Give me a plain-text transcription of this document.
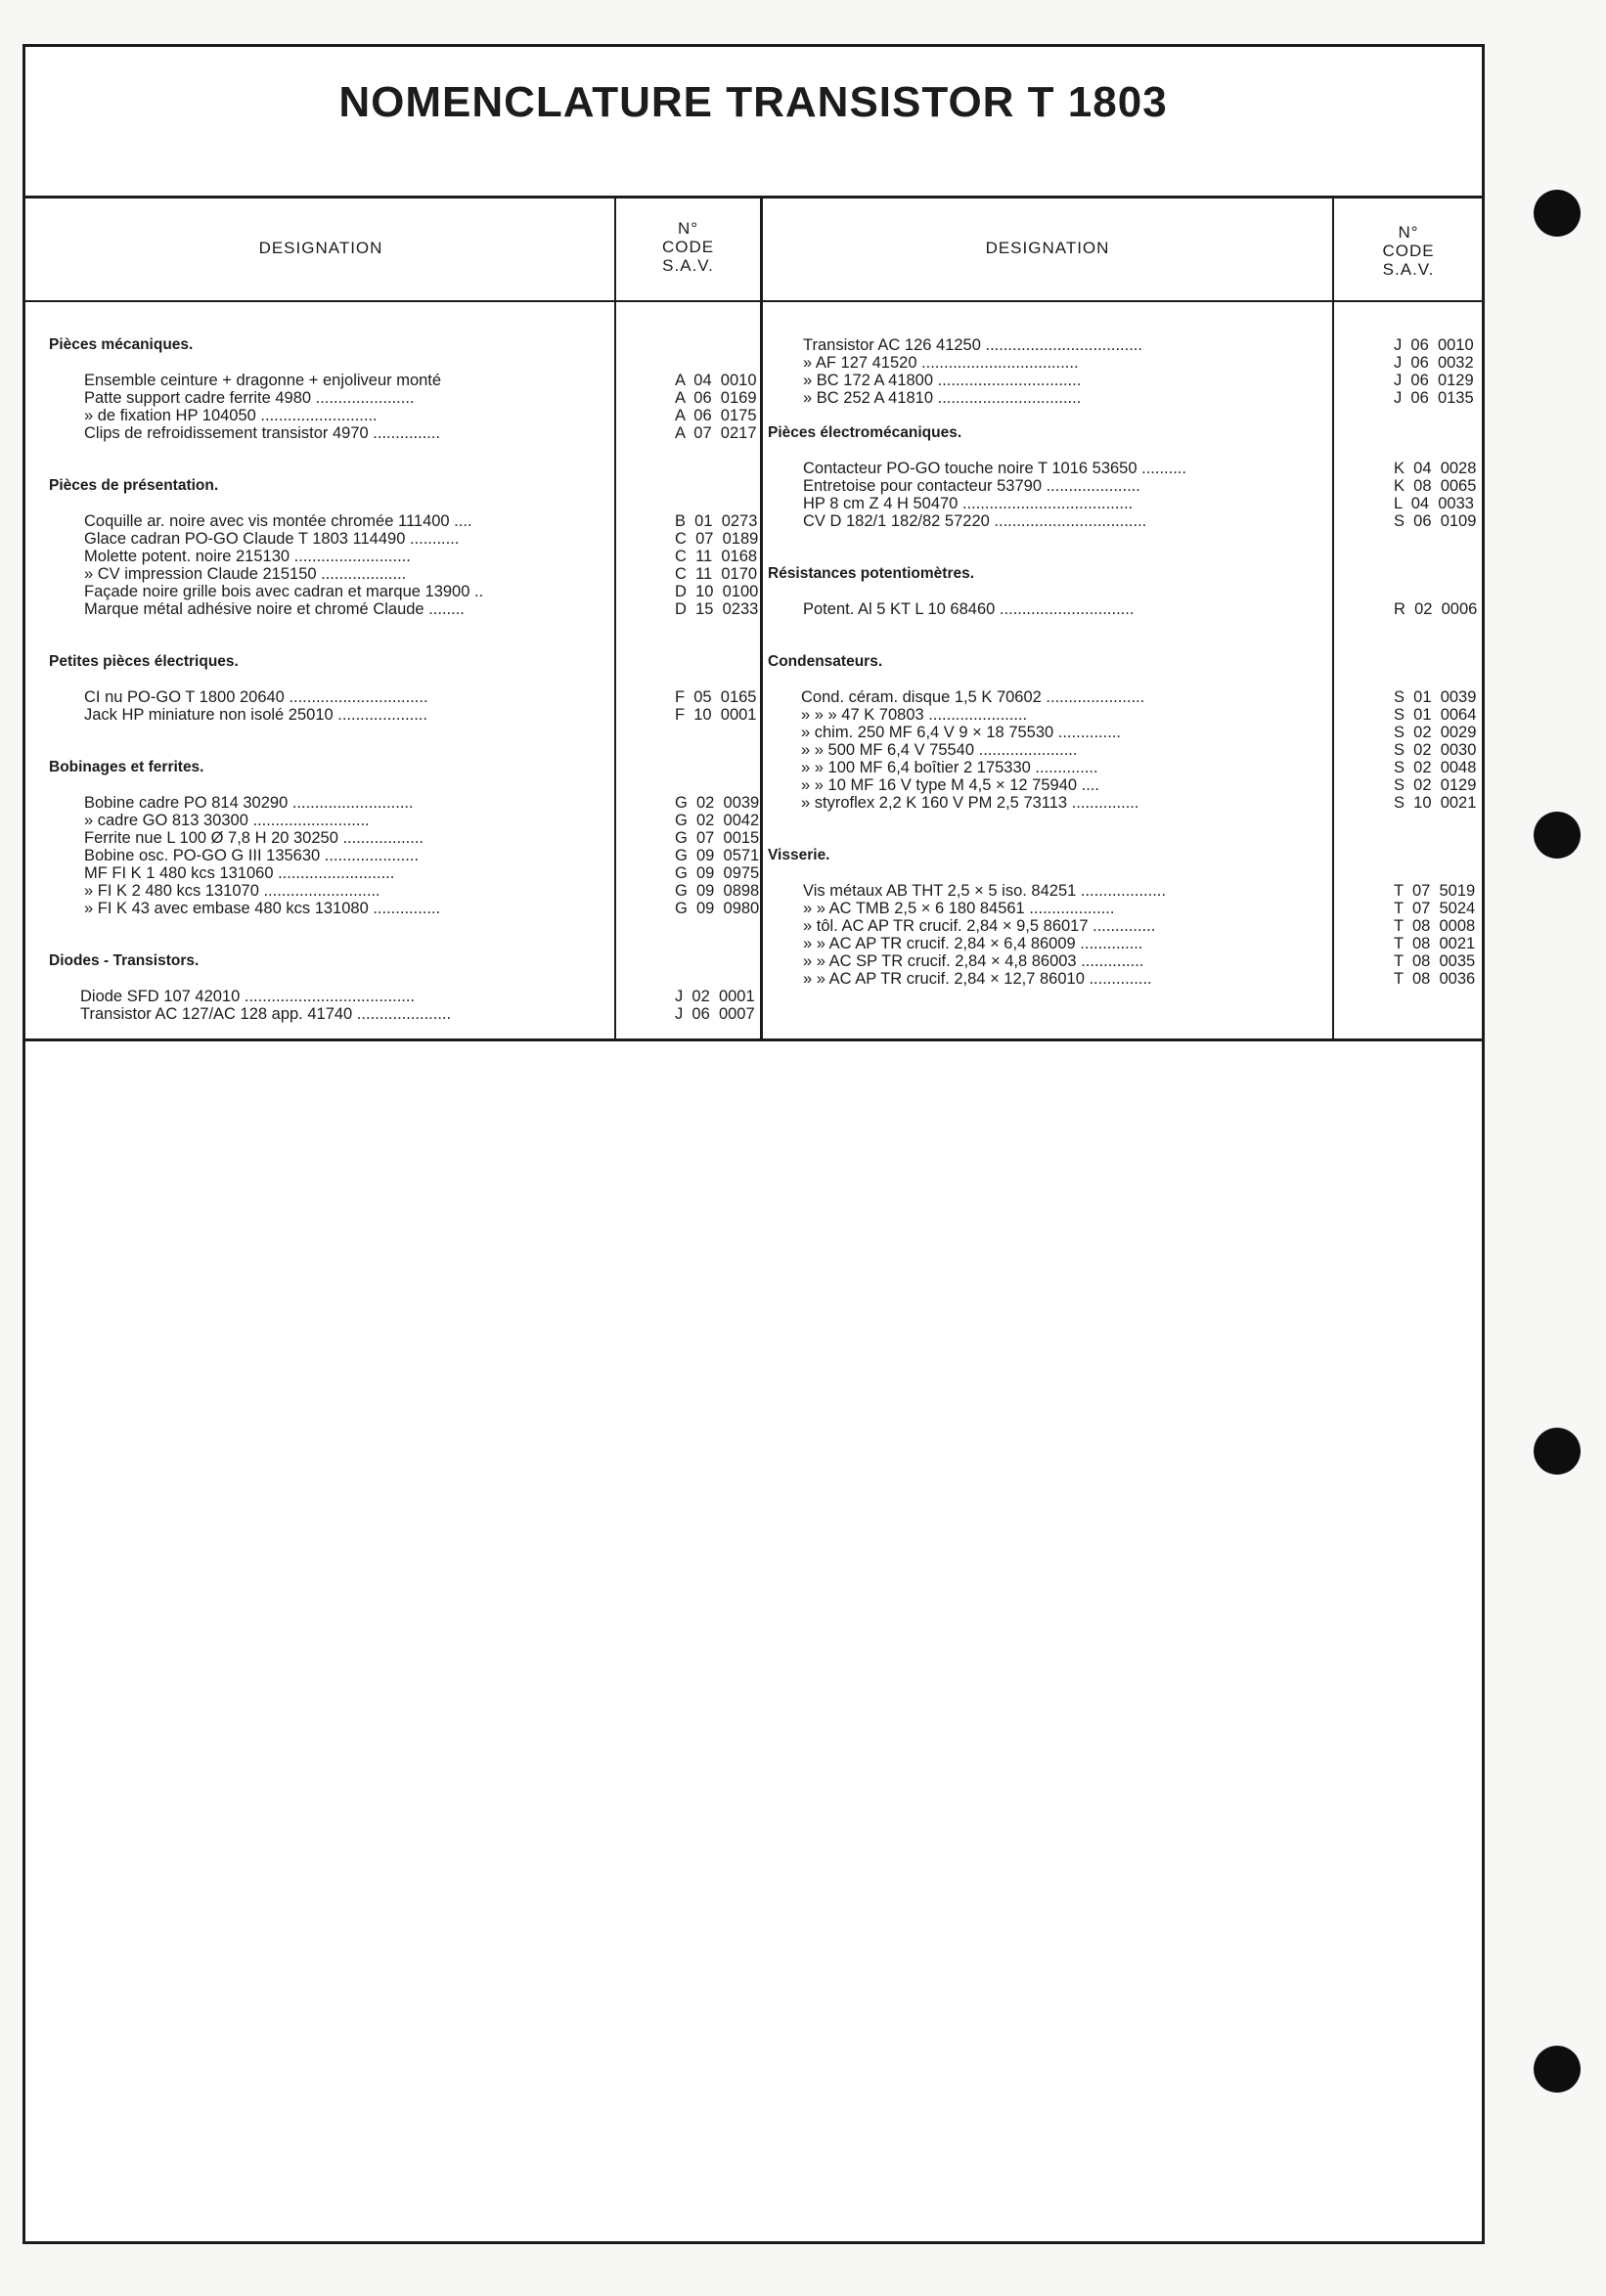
NOMENCLATURE TRANSISTOR T 1803
DESIGNATION
N°
CODE
S.A.V.
DESIGNATION
N°
CODE
S.A.V.
Pièces mécaniques.
Ensemble ceinture + dragonne + enjoliveur monté	A  04  0010
Patte support cadre ferrite 4980 ......................	A  06  0169
» de fixation HP 104050 ..........................	A  06  0175
Clips de refroidissement transistor 4970 ...............	A  07  0217
Pièces de présentation.
Coquille ar. noire avec vis montée chromée 111400 ....	B  01  0273
Glace cadran PO-GO Claude T 1803 114490 ...........	C  07  0189
Molette potent. noire 215130 ..........................	C  11  0168
» CV impression Claude 215150 ...................	C  11  0170
Façade noire grille bois avec cadran et marque 13900 ..	D  10  0100
Marque métal adhésive noire et chromé Claude ........	D  15  0233
Petites pièces électriques.
CI nu PO-GO T 1800 20640 ...............................	F  05  0165
Jack HP miniature non isolé 25010 ....................	F  10  0001
Bobinages et ferrites.
Bobine cadre PO 814 30290 ...........................	G  02  0039
» cadre GO 813 30300 ..........................	G  02  0042
Ferrite nue L 100 Ø 7,8 H 20 30250 ..................	G  07  0015
Bobine osc. PO-GO G III 135630 .....................	G  09  0571
MF FI K 1 480 kcs 131060 ..........................	G  09  0975
» FI K 2 480 kcs 131070 ..........................	G  09  0898
» FI K 43 avec embase 480 kcs 131080 ...............	G  09  0980
Diodes - Transistors.
Diode SFD 107 42010 ......................................	J  02  0001
Transistor AC 127/AC 128 app. 41740 .....................	J  06  0007
Transistor AC 126 41250 ...................................	J  06  0010
» AF 127 41520 ...................................	J  06  0032
» BC 172 A 41800 ................................	J  06  0129
» BC 252 A 41810 ................................	J  06  0135
Pièces électromécaniques.
Contacteur PO-GO touche noire T 1016 53650 ..........	K  04  0028
Entretoise pour contacteur 53790 .....................	K  08  0065
HP 8 cm Z 4 H 50470 ......................................	L  04  0033
CV D 182/1 182/82 57220 ..................................	S  06  0109
Résistances potentiomètres.
Potent. Al 5 KT L 10 68460 ..............................	R  02  0006
Condensateurs.
Cond. céram. disque 1,5 K 70602 ......................	S  01  0039
» » » 47 K 70803 ......................	S  01  0064
» chim. 250 MF 6,4 V 9 × 18 75530 ..............	S  02  0029
» » 500 MF 6,4 V 75540 ......................	S  02  0030
» » 100 MF 6,4 boîtier 2 175330 ..............	S  02  0048
» » 10 MF 16 V type M 4,5 × 12 75940 ....	S  02  0129
» styroflex 2,2 K 160 V PM 2,5 73113 ...............	S  10  0021
Visserie.
Vis métaux AB THT 2,5 × 5 iso. 84251 ...................	T  07  5019
» » AC TMB 2,5 × 6 180 84561 ...................	T  07  5024
» tôl. AC AP TR crucif. 2,84 × 9,5 86017 ..............	T  08  0008
» » AC AP TR crucif. 2,84 × 6,4 86009 ..............	T  08  0021
» » AC SP TR crucif. 2,84 × 4,8 86003 ..............	T  08  0035
» » AC AP TR crucif. 2,84 × 12,7 86010 ..............	T  08  0036
